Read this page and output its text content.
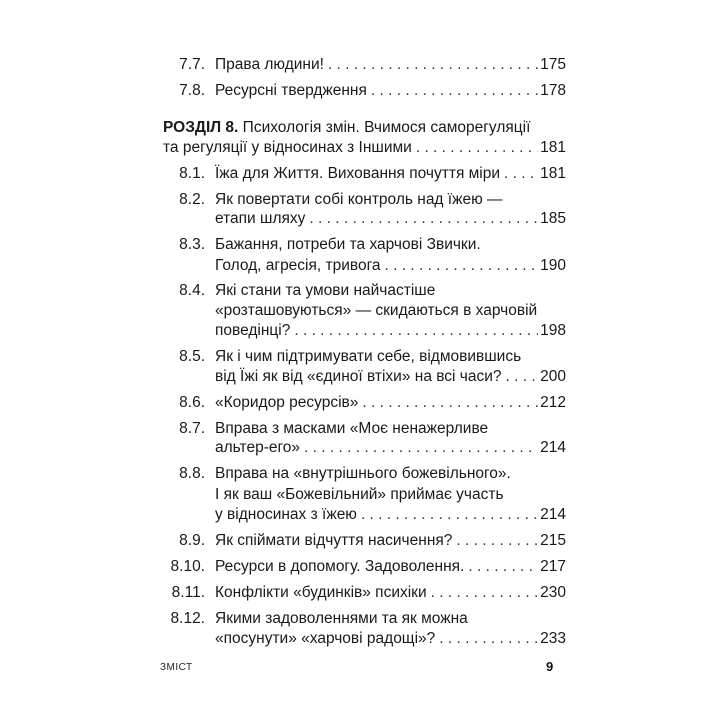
7.7. Права людини! . . .	175
7.8. Ресурсні твердження . . .	178
РОЗДІЛ 8. Психологія змін. Вчимося саморегуляції
та регуляції у відносинах з Іншими . . .	181
8.1. Їжа для Життя. Виховання почуття міри . . .	181
8.2. Як повертати собі контроль над їжею —
етапи шляху . . .	185
8.3. Бажання, потреби та харчові Звички.
Голод, агресія, тривога . . .	190
8.4. Які стани та умови найчастіше
«розташовуються» — скидаються в харчовій
поведінці? . . .	198
8.5. Як і чим підтримувати себе, відмовившись
від Їжі як від «єдиної втіхи» на всі часи? . . . 200
8.6. «Коридор ресурсів» . . .	212
8.7. Вправа з масками «Моє ненажерливе
альтер-его» . . .	214
8.8. Вправа на «внутрішнього божевільного».
І як ваш «Божевільний» приймає участь
у відносинах з їжею . . .	214
8.9. Як спіймати відчуття насичення? . . .	215
8.10. Ресурси в допомогу. Задоволення. . . .	217
8.11. Конфлікти «будинків» психіки . . .	230
8.12. Якими задоволеннями та як можна
«посунути» «харчові радощі»? . . .	233
ЗМІСТ	9
